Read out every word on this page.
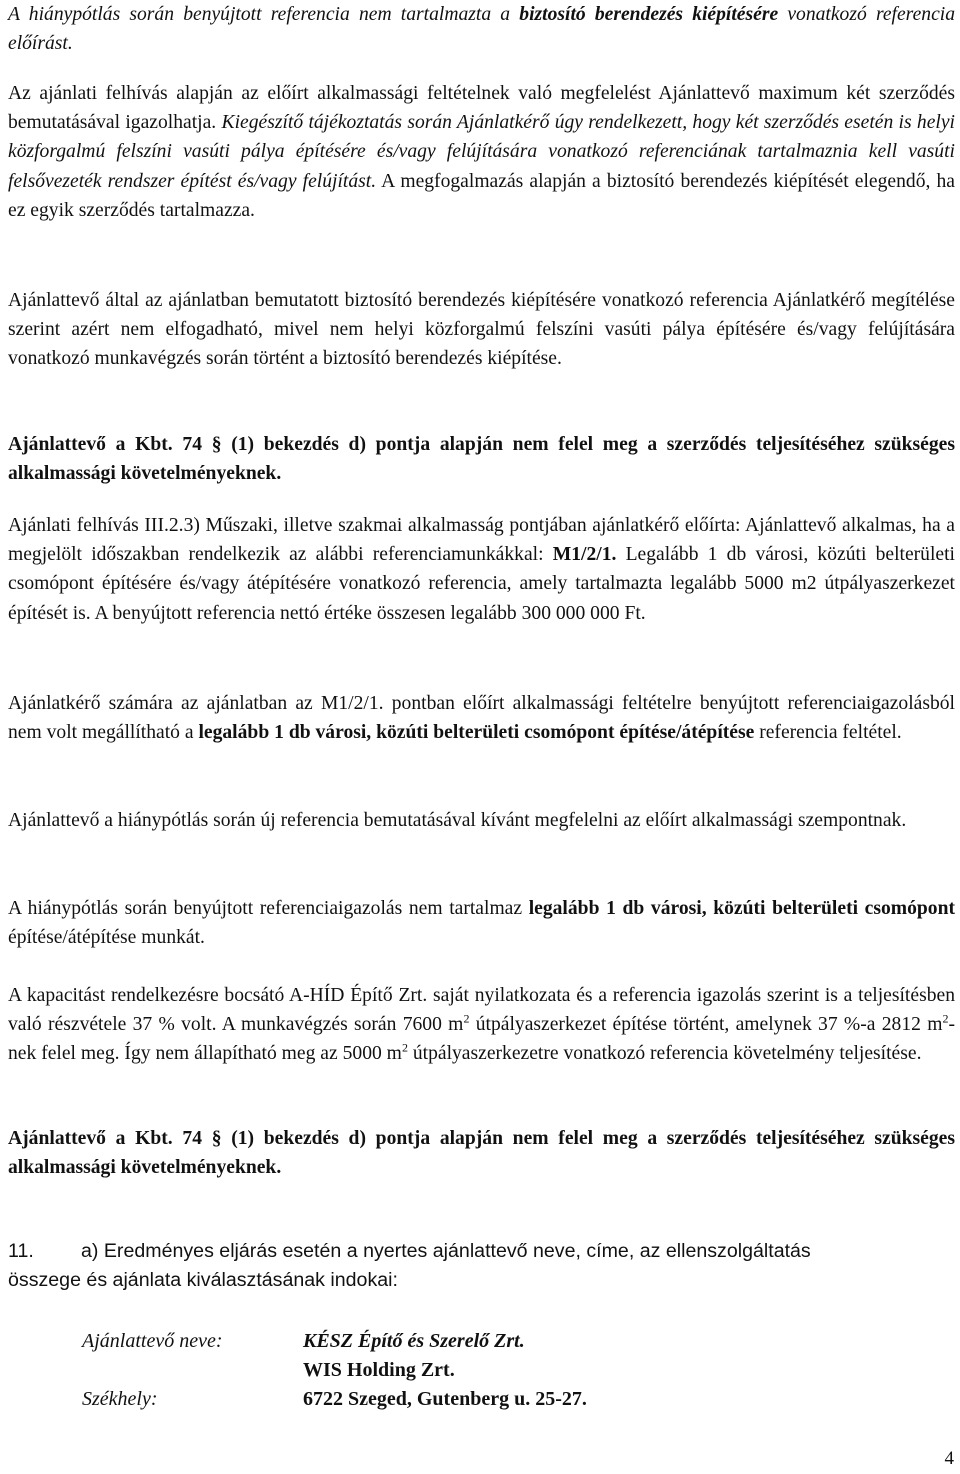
A hiánypótlás során benyújtott referencia nem tartalmazta a biztosító berendezés kiépítésére vonatkozó referencia előírást.

Az ajánlati felhívás alapján az előírt alkalmassági feltételnek való megfelelést Ajánlattevő maximum két szerződés bemutatásával igazolhatja. Kiegészítő tájékoztatás során Ajánlatkérő úgy rendelkezett, hogy két szerződés esetén is helyi közforgalmú felszíni vasúti pálya építésére és/vagy felújítására vonatkozó referenciának tartalmaznia kell vasúti felsővezeték rendszer építést és/vagy felújítást. A megfogalmazás alapján a biztosító berendezés kiépítését elegendő, ha ez egyik szerződés tartalmazza.

Ajánlattevő által az ajánlatban bemutatott biztosító berendezés kiépítésére vonatkozó referencia Ajánlatkérő megítélése szerint azért nem elfogadható, mivel nem helyi közforgalmú felszíni vasúti pálya építésére és/vagy felújítására vonatkozó munkavégzés során történt a biztosító berendezés kiépítése.

Ajánlattevő a Kbt. 74 § (1) bekezdés d) pontja alapján nem felel meg a szerződés teljesítéséhez szükséges alkalmassági követelményeknek.

Ajánlati felhívás III.2.3) Műszaki, illetve szakmai alkalmasság pontjában ajánlatkérő előírta: Ajánlattevő alkalmas, ha a megjelölt időszakban rendelkezik az alábbi referenciamunkákkal: M1/2/1. Legalább 1 db városi, közúti belterületi csomópont építésére és/vagy átépítésére vonatkozó referencia, amely tartalmazta legalább 5000 m2 útpályaszerkezet építését is. A benyújtott referencia nettó értéke összesen legalább 300 000 000 Ft.

Ajánlatkérő számára az ajánlatban az M1/2/1. pontban előírt alkalmassági feltételre benyújtott referenciaigazolásból nem volt megállítható a legalább 1 db városi, közúti belterületi csomópont építése/átépítése referencia feltétel.

Ajánlattevő a hiánypótlás során új referencia bemutatásával kívánt megfelelni az előírt alkalmassági szempontnak.

A hiánypótlás során benyújtott referenciaigazolás nem tartalmaz legalább 1 db városi, közúti belterületi csomópont építése/átépítése munkát.

A kapacitást rendelkezésre bocsátó A-HÍD Építő Zrt. saját nyilatkozata és a referencia igazolás szerint is a teljesítésben való részvétele 37 % volt. A munkavégzés során 7600 $m^2$ útpályaszerkezet építése történt, amelynek 37 %-a 2812 $m^2$-nek felel meg. Így nem állapítható meg az 5000 $m^2$ útpályaszerkezetre vonatkozó referencia követelmény teljesítése.

Ajánlattevő a Kbt. 74 § (1) bekezdés d) pontja alapján nem felel meg a szerződés teljesítéséhez szükséges alkalmassági követelményeknek.

11. a) Eredményes eljárás esetén a nyertes ajánlattevő neve, címe, az ellenszolgáltatás
összege és ajánlata kiválasztásának indokai:
Ajánlattevő neve:	KÉSZ Építő és Szerelő Zrt.
WIS Holding Zrt.
Székhely:	6722 Szeged, Gutenberg u. 25-27.
4
